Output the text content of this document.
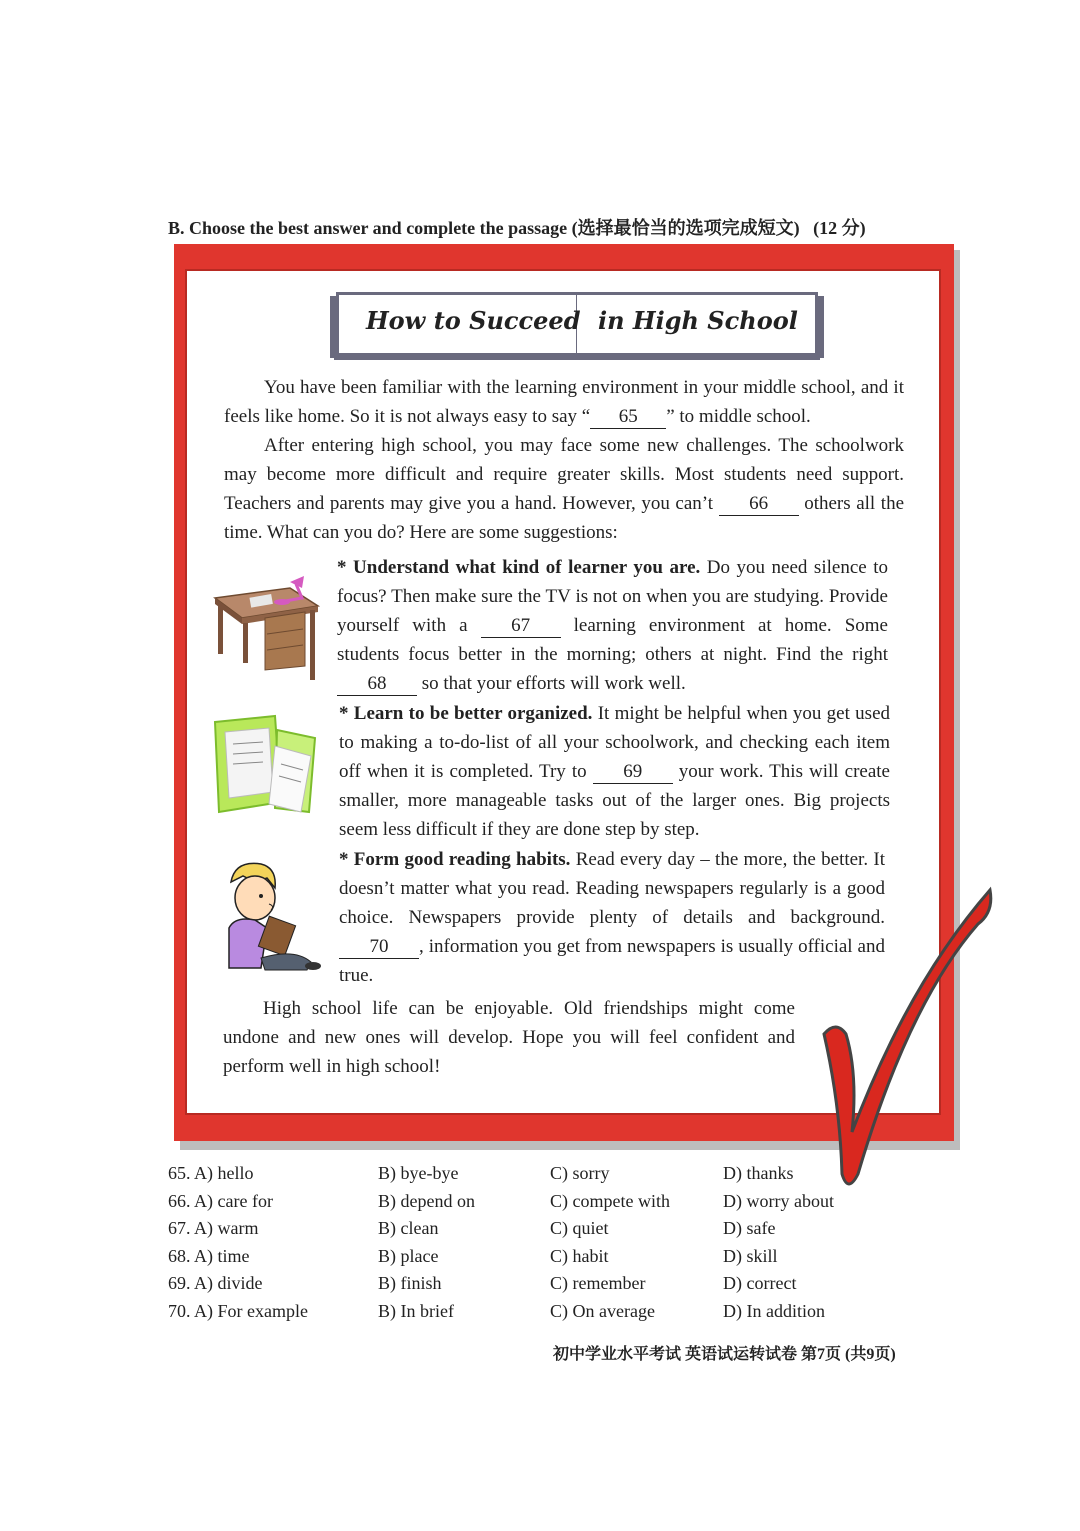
B. Choose the best answer and complete the passage (选择最恰当的选项完成短文)   (12 分)
How to Succeed in High School

You have been familiar with the learning environment in your middle school, and it feels like home. So it is not always easy to say “ 65 ” to middle school.

After entering high school, you may face some new challenges. The schoolwork may become more difficult and require greater skills. Most students need support. Teachers and parents may give you a hand. However, you can’t 66 others all the time. What can you do? Here are some suggestions:

* Understand what kind of learner you are. Do you need silence to focus? Then make sure the TV is not on when you are studying. Provide yourself with a 67 learning environment at home. Some students focus better in the morning; others at night. Find the right 68 so that your efforts will work well.

* Learn to be better organized. It might be helpful when you get used to making a to-do-list of all your schoolwork, and checking each item off when it is completed. Try to 69 your work. This will create smaller, more manageable tasks out of the larger ones. Big projects seem less difficult if they are done step by step.

* Form good reading habits. Read every day – the more, the better. It doesn’t matter what you read. Reading newspapers regularly is a good choice. Newspapers provide plenty of details and background. 70 , information you get from newspapers is usually official and true.

High school life can be enjoyable. Old friendships might come undone and new ones will develop. Hope you will feel confident and perform well in high school!

65. A) hello	B) bye-bye	C) sorry	D) thanks
66. A) care for	B) depend on	C) compete with	D) worry about
67. A) warm	B) clean	C) quiet	D) safe
68. A) time	B) place	C) habit	D) skill
69. A) divide	B) finish	C) remember	D) correct
70. A) For example	B) In brief	C) On average	D) In addition
初中学业水平考试 英语试运转试卷 第7页 (共9页)
